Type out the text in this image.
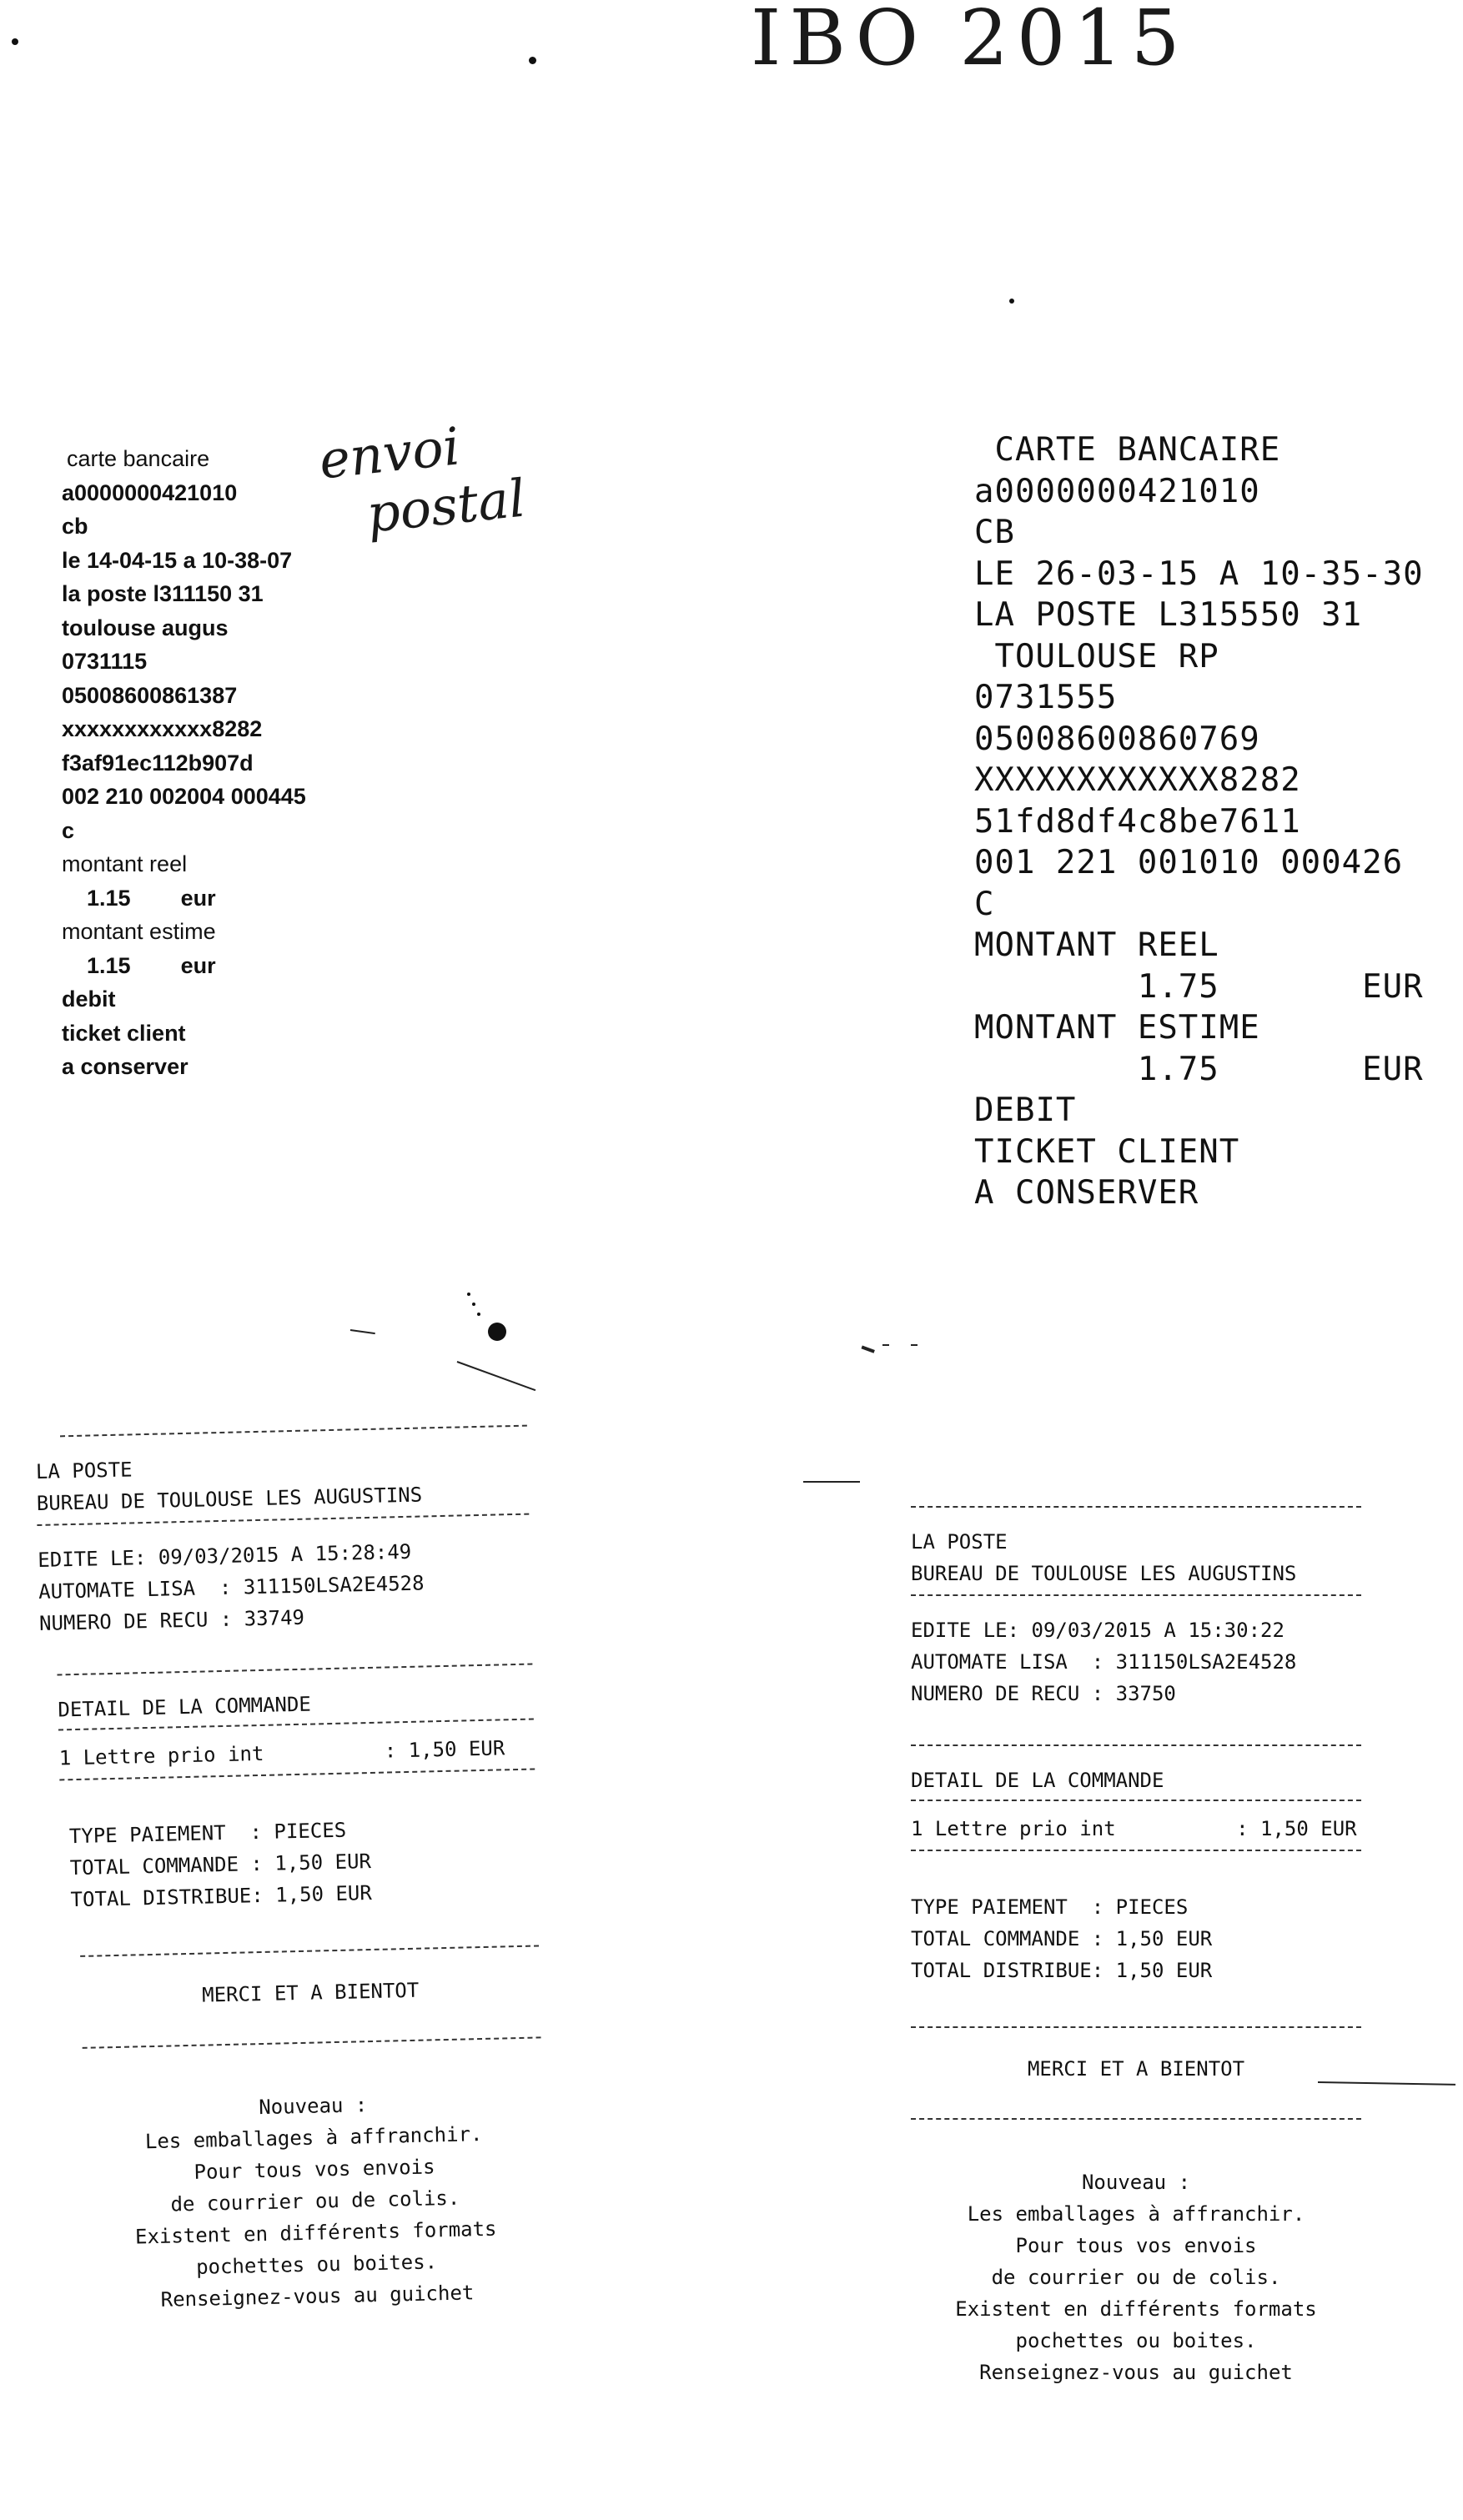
IBO 2015
envoi
postal
carte bancaire
a0000000421010
cb
le 14-04-15 a 10-38-07
la poste l311150 31
toulouse augus
0731115
05008600861387
xxxxxxxxxxxx8282
f3af91ec112b907d
002 210 002004 000445
c
montant reel
1.15        eur
montant estime
1.15        eur
debit
ticket client
a conserver
CARTE BANCAIRE
a0000000421010
CB
LE 26-03-15 A 10-35-30
LA POSTE L315550 31
TOULOUSE RP
0731555
05008600860769
XXXXXXXXXXXX8282
51fd8df4c8be7611
001 221 001010 000426
C
MONTANT REEL
1.75       EUR
MONTANT ESTIME
1.75       EUR
DEBIT
TICKET CLIENT
A CONSERVER
LA POSTE
BUREAU DE TOULOUSE LES AUGUSTINS
EDITE LE: 09/03/2015 A 15:28:49
AUTOMATE LISA  : 311150LSA2E4528
NUMERO DE RECU : 33749
DETAIL DE LA COMMANDE
1 Lettre prio int          : 1,50 EUR
TYPE PAIEMENT  : PIECES
TOTAL COMMANDE : 1,50 EUR
TOTAL DISTRIBUE: 1,50 EUR
MERCI ET A BIENTOT
Nouveau :
Les emballages à affranchir.
Pour tous vos envois
de courrier ou de colis.
Existent en différents formats
pochettes ou boites.
Renseignez-vous au guichet
LA POSTE
BUREAU DE TOULOUSE LES AUGUSTINS
EDITE LE: 09/03/2015 A 15:30:22
AUTOMATE LISA  : 311150LSA2E4528
NUMERO DE RECU : 33750
DETAIL DE LA COMMANDE
1 Lettre prio int          : 1,50 EUR
TYPE PAIEMENT  : PIECES
TOTAL COMMANDE : 1,50 EUR
TOTAL DISTRIBUE: 1,50 EUR
MERCI ET A BIENTOT
Nouveau :
Les emballages à affranchir.
Pour tous vos envois
de courrier ou de colis.
Existent en différents formats
pochettes ou boites.
Renseignez-vous au guichet
